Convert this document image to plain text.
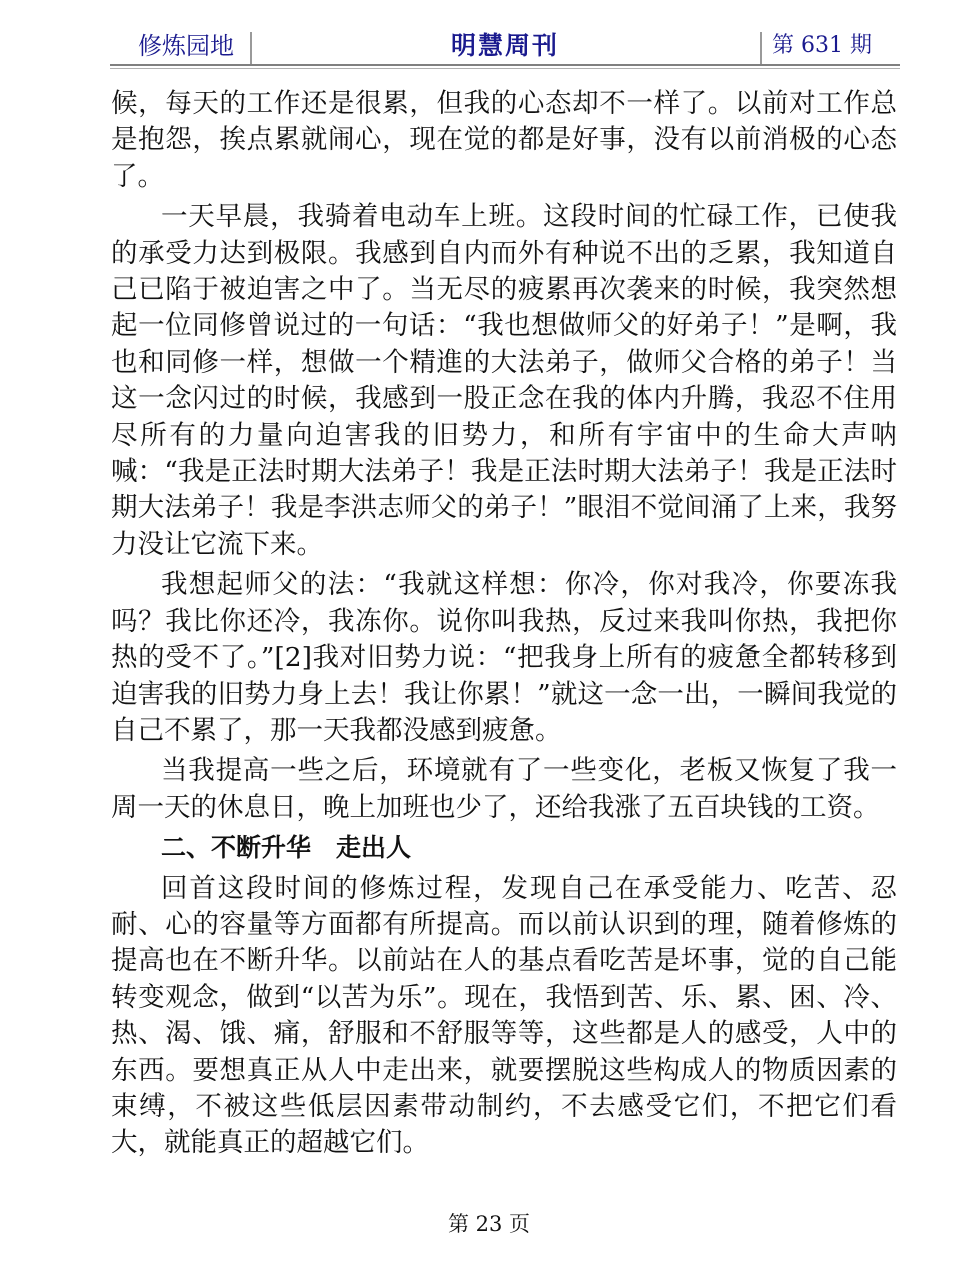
修炼园地	明慧周刊	第 631 期

候，每天的工作还是很累，但我的心态却不一样了。以前对工作总是抱怨，挨点累就闹心，现在觉的都是好事，没有以前消极的心态了。

一天早晨，我骑着电动车上班。这段时间的忙碌工作，已使我的承受力达到极限。我感到自内而外有种说不出的乏累，我知道自己已陷于被迫害之中了。当无尽的疲累再次袭来的时候，我突然想起一位同修曾说过的一句话：“我也想做师父的好弟子！”是啊，我也和同修一样，想做一个精進的大法弟子，做师父合格的弟子！当这一念闪过的时候，我感到一股正念在我的体内升腾，我忍不住用尽所有的力量向迫害我的旧势力，和所有宇宙中的生命大声呐喊：“我是正法时期大法弟子！我是正法时期大法弟子！我是正法时期大法弟子！我是李洪志师父的弟子！”眼泪不觉间涌了上来，我努力没让它流下来。

我想起师父的法：“我就这样想：你冷，你对我冷，你要冻我吗？我比你还冷，我冻你。说你叫我热，反过来我叫你热，我把你热的受不了。”[2]我对旧势力说：“把我身上所有的疲惫全都转移到迫害我的旧势力身上去！我让你累！”就这一念一出，一瞬间我觉的自己不累了，那一天我都没感到疲惫。

当我提高一些之后，环境就有了一些变化，老板又恢复了我一周一天的休息日，晚上加班也少了，还给我涨了五百块钱的工资。

二、不断升华　走出人

回首这段时间的修炼过程，发现自己在承受能力、吃苦、忍耐、心的容量等方面都有所提高。而以前认识到的理，随着修炼的提高也在不断升华。以前站在人的基点看吃苦是坏事，觉的自己能转变观念，做到“以苦为乐”。现在，我悟到苦、乐、累、困、冷、热、渴、饿、痛，舒服和不舒服等等，这些都是人的感受，人中的东西。要想真正从人中走出来，就要摆脱这些构成人的物质因素的束缚，不被这些低层因素带动制约，不去感受它们，不把它们看大，就能真正的超越它们。

第 23 页
